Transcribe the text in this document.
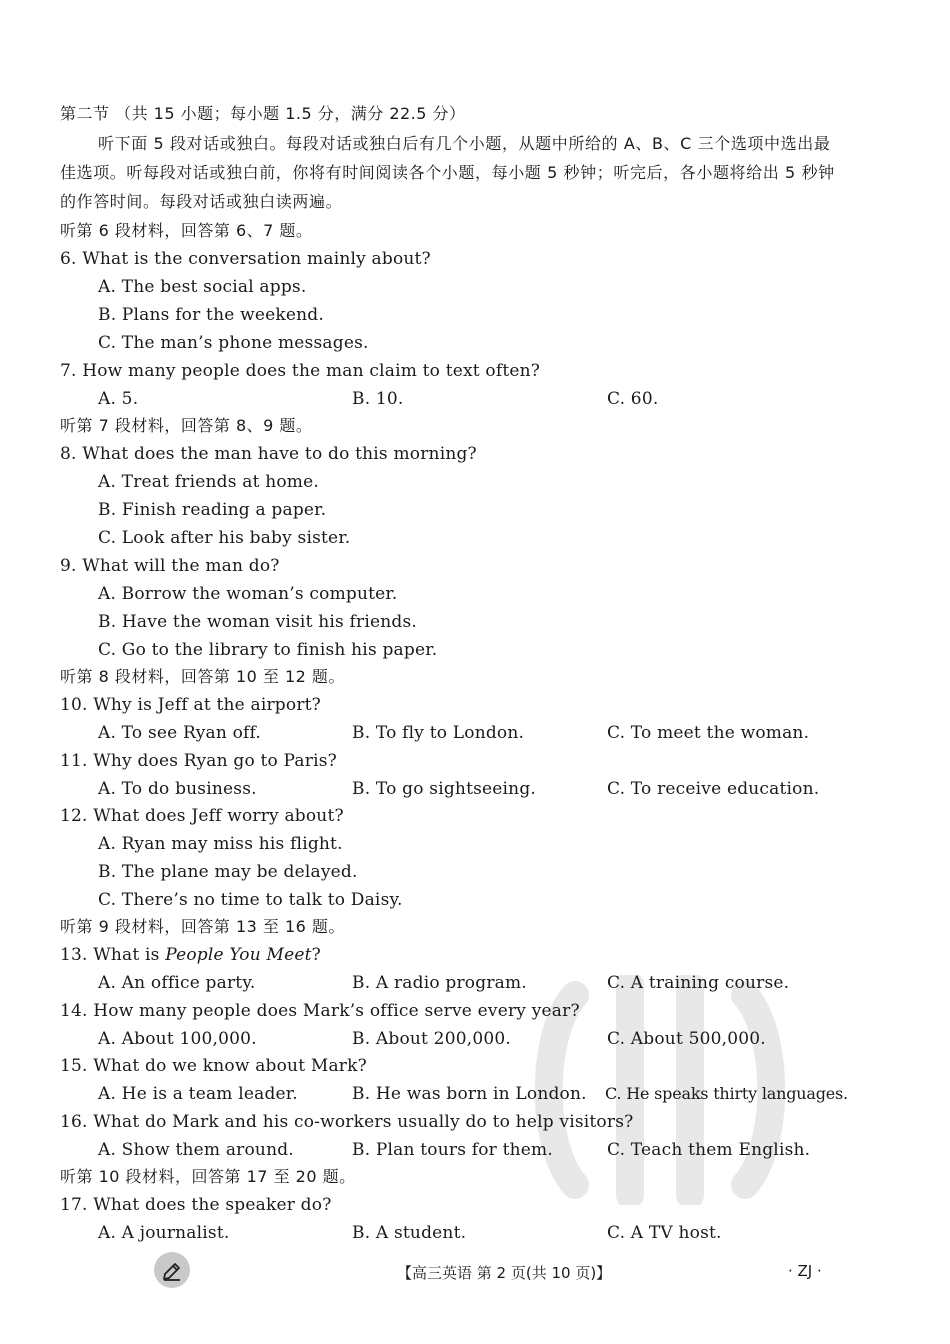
第二节 （共 15 小题；每小题 1.5 分，满分 22.5 分）
听下面 5 段对话或独白。每段对话或独白后有几个小题，从题中所给的 A、B、C 三个选项中选出最佳选项。听每段对话或独白前，你将有时间阅读各个小题，每小题 5 秒钟；听完后，各小题将给出 5 秒钟的作答时间。每段对话或独白读两遍。
听第 6 段材料，回答第 6、7 题。
6. What is the conversation mainly about?
A. The best social apps.
B. Plans for the weekend.
C. The man’s phone messages.
7. How many people does the man claim to text often?
A. 5.	B. 10.	C. 60.
听第 7 段材料，回答第 8、9 题。
8. What does the man have to do this morning?
A. Treat friends at home.
B. Finish reading a paper.
C. Look after his baby sister.
9. What will the man do?
A. Borrow the woman’s computer.
B. Have the woman visit his friends.
C. Go to the library to finish his paper.
听第 8 段材料，回答第 10 至 12 题。
10. Why is Jeff at the airport?
A. To see Ryan off.	B. To fly to London.	C. To meet the woman.
11. Why does Ryan go to Paris?
A. To do business.	B. To go sightseeing.	C. To receive education.
12. What does Jeff worry about?
A. Ryan may miss his flight.
B. The plane may be delayed.
C. There’s no time to talk to Daisy.
听第 9 段材料，回答第 13 至 16 题。
13. What is People You Meet?
A. An office party.	B. A radio program.	C. A training course.
14. How many people does Mark’s office serve every year?
A. About 100,000.	B. About 200,000.	C. About 500,000.
15. What do we know about Mark?
A. He is a team leader.	B. He was born in London. C. He speaks thirty languages.
16. What do Mark and his co-workers usually do to help visitors?
A. Show them around.	B. Plan tours for them.	C. Teach them English.
听第 10 段材料，回答第 17 至 20 题。
17. What does the speaker do?
A. A journalist.	B. A student.	C. A TV host.
【高三英语 第 2 页(共 10 页)】	· ZJ ·
